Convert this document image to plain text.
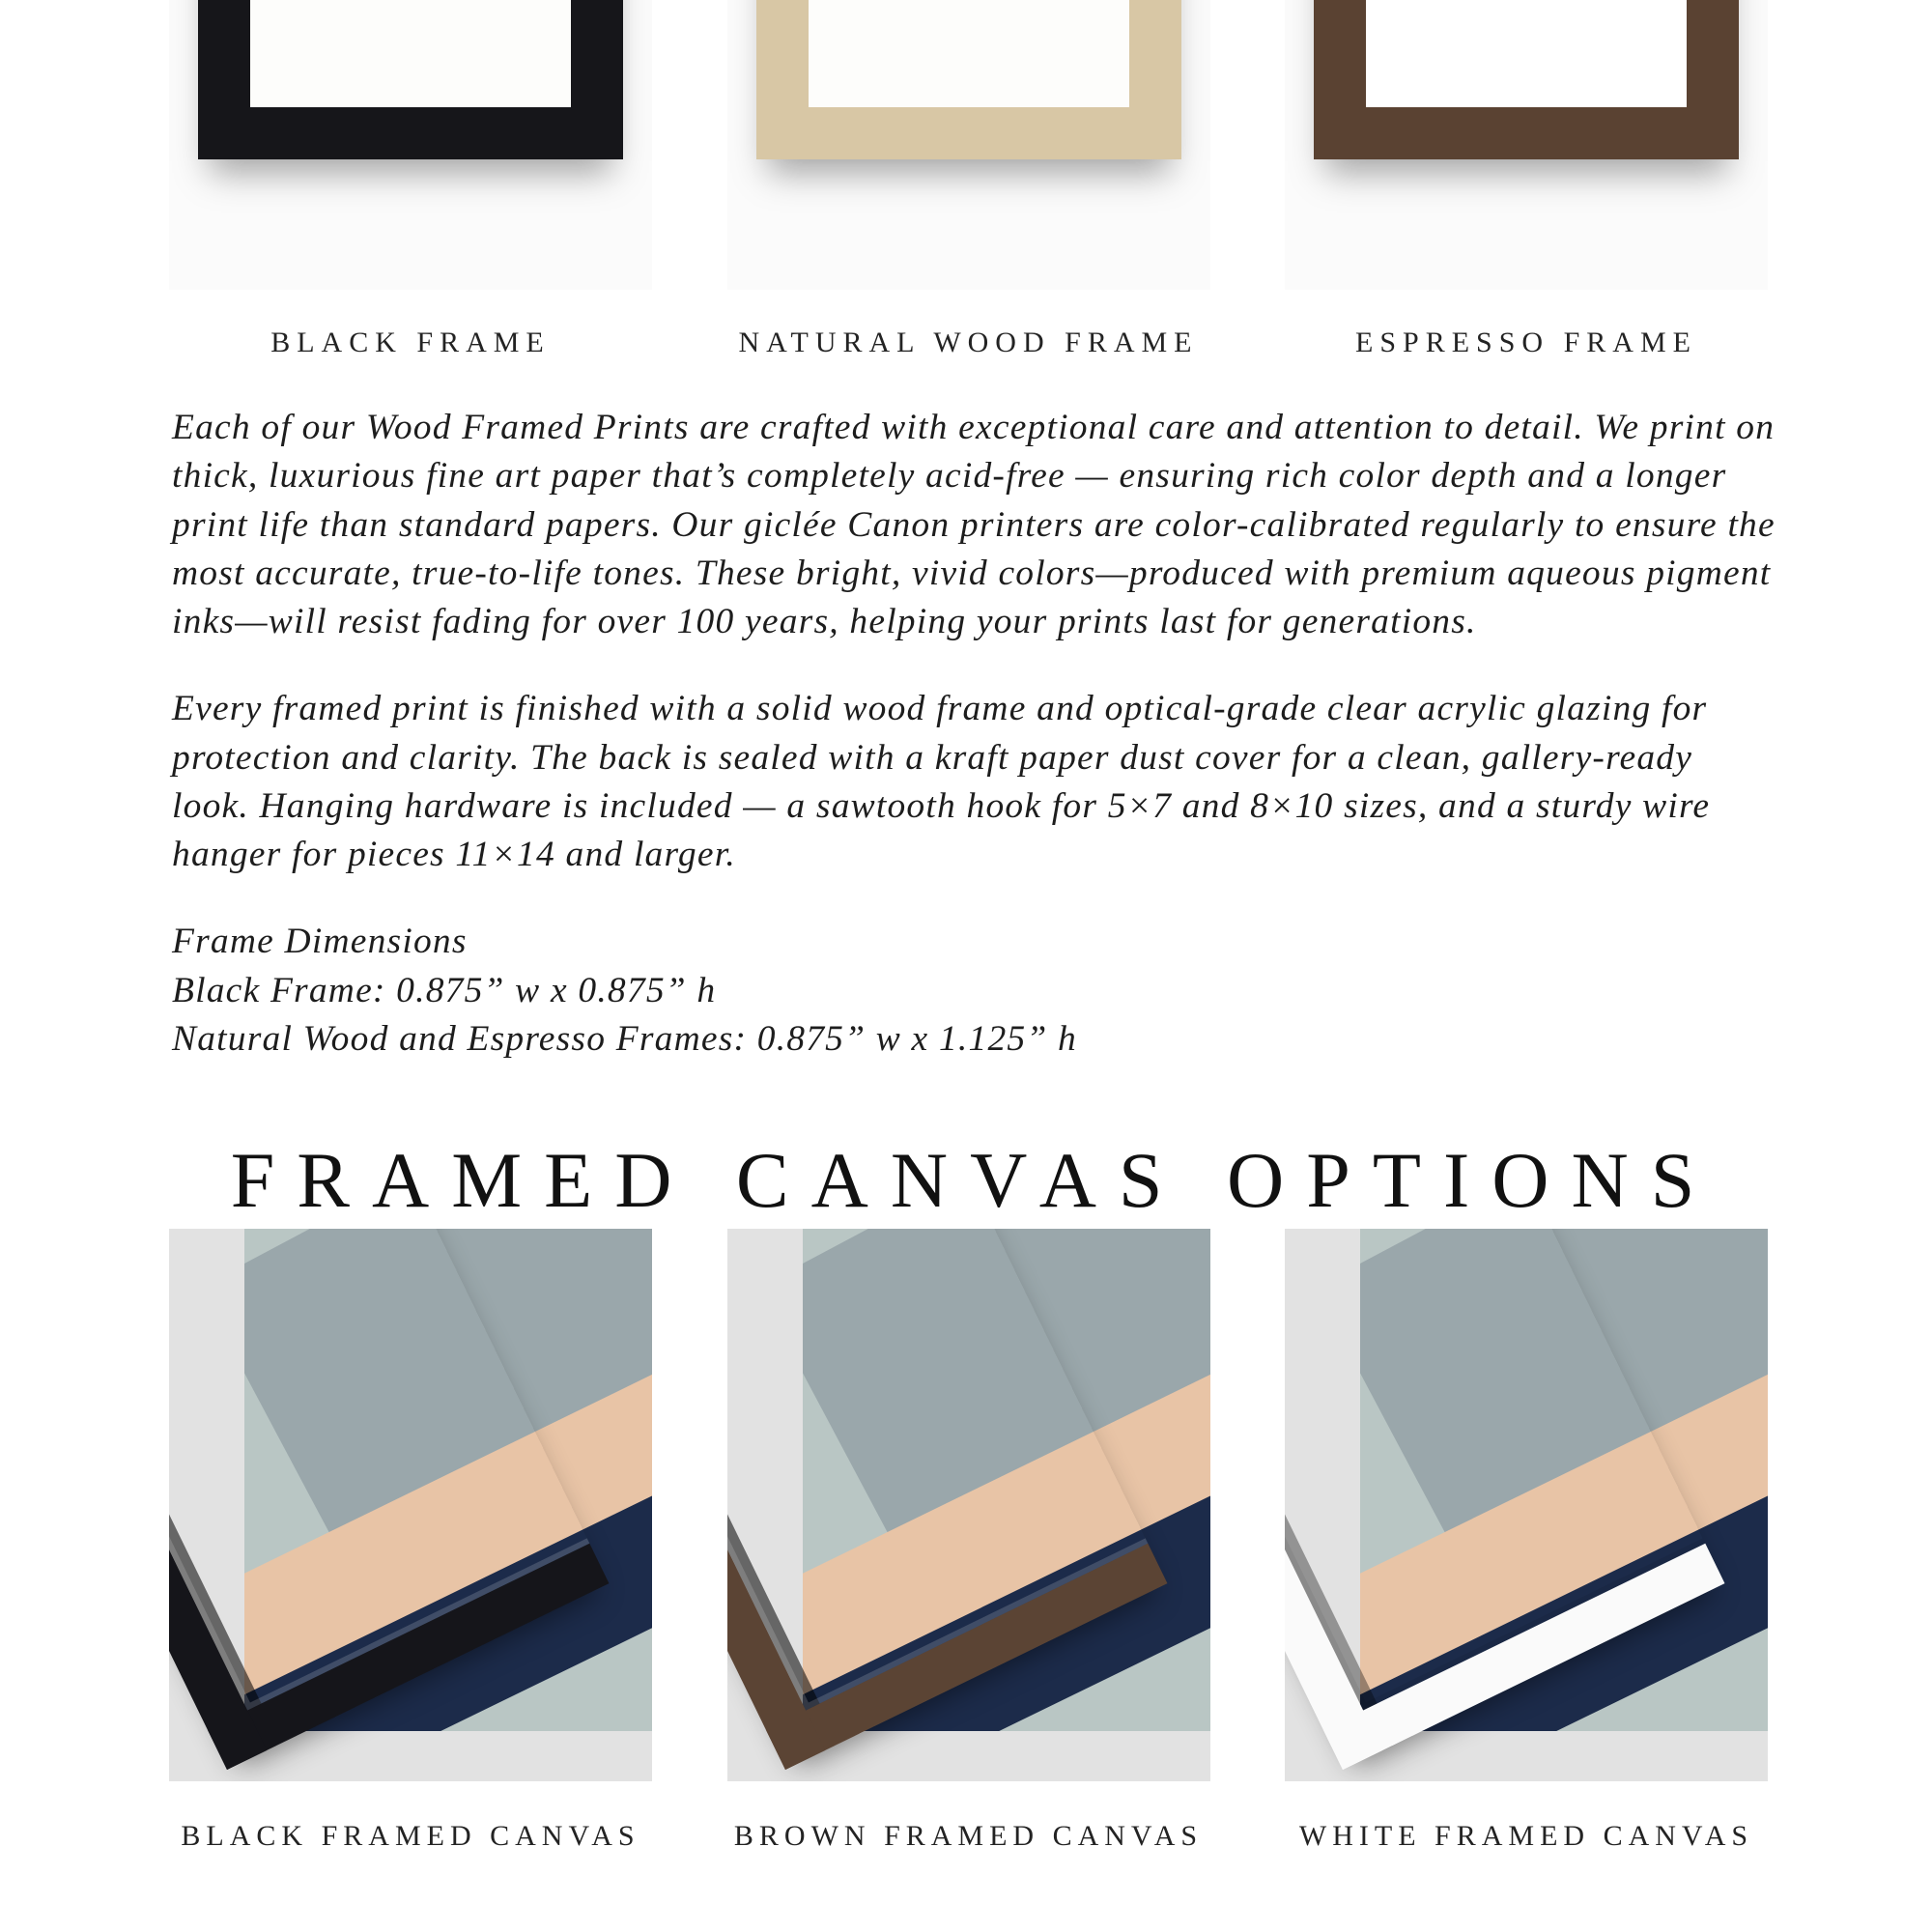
BLACK FRAME	NATURAL WOOD FRAME	ESPRESSO FRAME

Each of our Wood Framed Prints are crafted with exceptional care and attention to detail. We print on thick, luxurious fine art paper that’s completely acid-free — ensuring rich color depth and a longer print life than standard papers. Our giclée Canon printers are color-calibrated regularly to ensure the most accurate, true-to-life tones. These bright, vivid colors—produced with premium aqueous pigment inks—will resist fading for over 100 years, helping your prints last for generations.

Every framed print is finished with a solid wood frame and optical-grade clear acrylic glazing for protection and clarity. The back is sealed with a kraft paper dust cover for a clean, gallery-ready look. Hanging hardware is included — a sawtooth hook for 5×7 and 8×10 sizes, and a sturdy wire hanger for pieces 11×14 and larger.

Frame Dimensions
Black Frame: 0.875” w x 0.875” h
Natural Wood and Espresso Frames: 0.875” w x 1.125” h
FRAMED CANVAS OPTIONS
BLACK FRAMED CANVAS	BROWN FRAMED CANVAS	WHITE FRAMED CANVAS
